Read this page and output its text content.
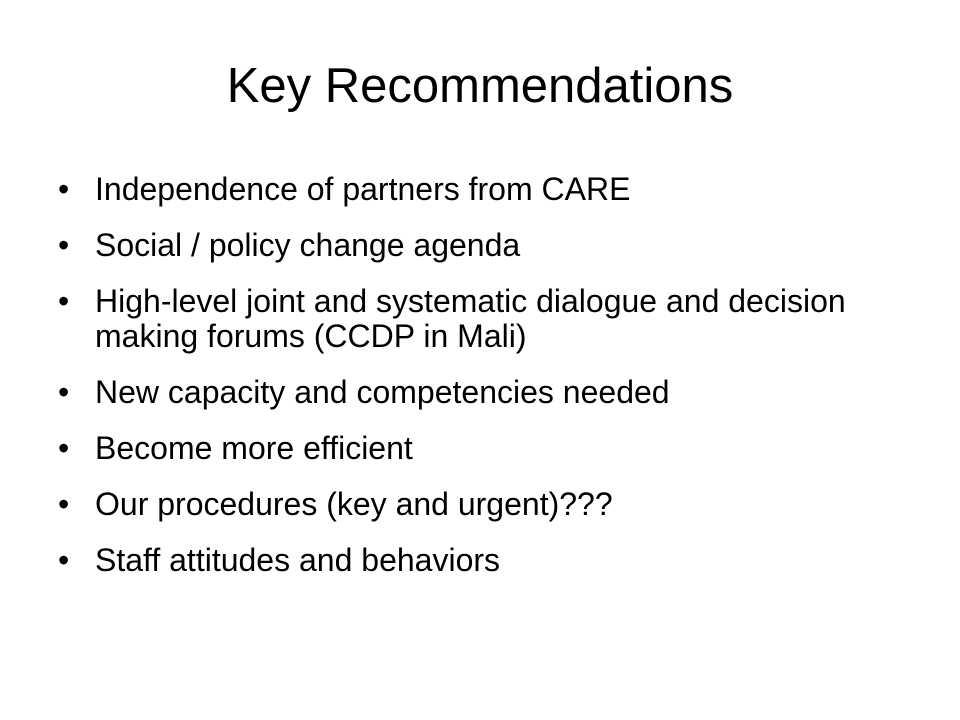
Key Recommendations
• Independence of partners from CARE
• Social / policy change agenda
• High-level joint and systematic dialogue and decision making forums (CCDP in Mali)
• New capacity and competencies needed
• Become more efficient
• Our procedures (key and urgent)???
• Staff attitudes and behaviors
